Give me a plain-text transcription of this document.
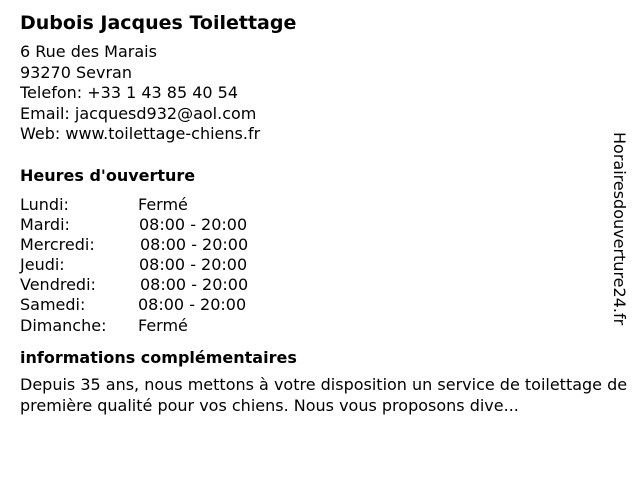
Dubois Jacques Toilettage
6 Rue des Marais
93270 Sevran
Telefon: +33 1 43 85 40 54
Email: jacquesd932@aol.com
Web: www.toilettage-chiens.fr
Heures d'ouverture
Lundi:	Fermé
Mardi:	08:00 - 20:00
Mercredi:	08:00 - 20:00
Jeudi:	08:00 - 20:00
Vendredi:	08:00 - 20:00
Samedi:	08:00 - 20:00
Dimanche: Fermé
informations complémentaires
Depuis 35 ans, nous mettons à votre disposition un service de toilettage de première qualité pour vos chiens. Nous vous proposons dive...
Horairesdouverture24.fr
